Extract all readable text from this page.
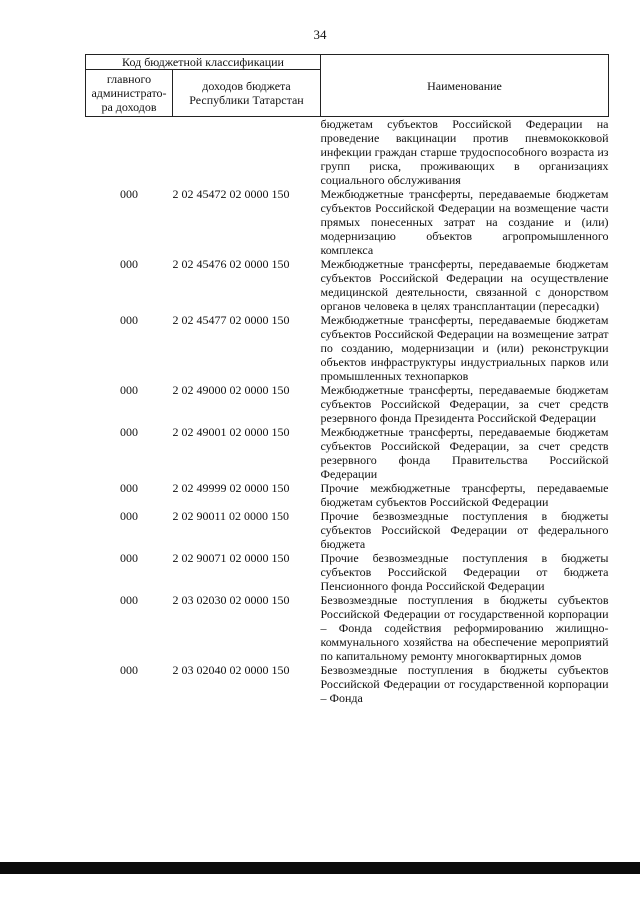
34
Код бюджетной классификации		Наименование
главного администрато-ра доходов	доходов бюджета Республики Татарстан	
		бюджетам субъектов Российской Федерации на проведение вакцинации против пневмококковой инфекции граждан старше трудоспособного возраста из групп риска, проживающих в организациях социального обслуживания
000	2 02 45472 02 0000 150	Межбюджетные трансферты, передаваемые бюджетам субъектов Российской Федерации на возмещение части прямых понесенных затрат на создание и (или) модернизацию объектов агропромышленного комплекса
000	2 02 45476 02 0000 150	Межбюджетные трансферты, передаваемые бюджетам субъектов Российской Федерации на осуществление медицинской деятельности, связанной с донорством органов человека в целях трансплантации (пересадки)
000	2 02 45477 02 0000 150	Межбюджетные трансферты, передаваемые бюджетам субъектов Российской Федерации на возмещение затрат по созданию, модернизации и (или) реконструкции объектов инфраструктуры индустриальных парков или промышленных технопарков
000	2 02 49000 02 0000 150	Межбюджетные трансферты, передаваемые бюджетам субъектов Российской Федерации, за счет средств резервного фонда Президента Российской Федерации
000	2 02 49001 02 0000 150	Межбюджетные трансферты, передаваемые бюджетам субъектов Российской Федерации, за счет средств резервного фонда Правительства Российской Федерации
000	2 02 49999 02 0000 150	Прочие межбюджетные трансферты, передаваемые бюджетам субъектов Российской Федерации
000	2 02 90011 02 0000 150	Прочие безвозмездные поступления в бюджеты субъектов Российской Федерации от федерального бюджета
000	2 02 90071 02 0000 150	Прочие безвозмездные поступления в бюджеты субъектов Российской Федерации от бюджета Пенсионного фонда Российской Федерации
000	2 03 02030 02 0000 150	Безвозмездные поступления в бюджеты субъектов Российской Федерации от государственной корпорации – Фонда содействия реформированию жилищно-коммунального хозяйства на обеспечение мероприятий по капитальному ремонту многоквартирных домов
000	2 03 02040 02 0000 150	Безвозмездные поступления в бюджеты субъектов Российской Федерации от государственной корпорации – Фонда
